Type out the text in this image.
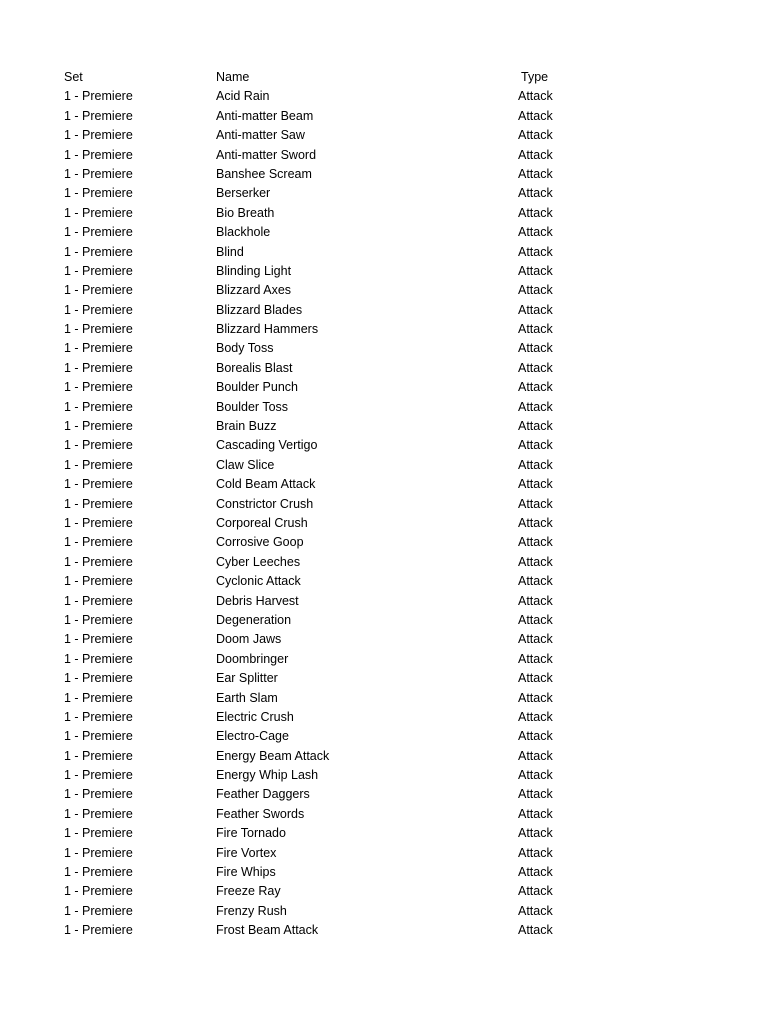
Set	Name	Type
1 - Premiere	Acid Rain	Attack
1 - Premiere	Anti-matter Beam	Attack
1 - Premiere	Anti-matter Saw	Attack
1 - Premiere	Anti-matter Sword	Attack
1 - Premiere	Banshee Scream	Attack
1 - Premiere	Berserker	Attack
1 - Premiere	Bio Breath	Attack
1 - Premiere	Blackhole	Attack
1 - Premiere	Blind	Attack
1 - Premiere	Blinding Light	Attack
1 - Premiere	Blizzard Axes	Attack
1 - Premiere	Blizzard Blades	Attack
1 - Premiere	Blizzard Hammers	Attack
1 - Premiere	Body Toss	Attack
1 - Premiere	Borealis Blast	Attack
1 - Premiere	Boulder Punch	Attack
1 - Premiere	Boulder Toss	Attack
1 - Premiere	Brain Buzz	Attack
1 - Premiere	Cascading Vertigo	Attack
1 - Premiere	Claw Slice	Attack
1 - Premiere	Cold Beam Attack	Attack
1 - Premiere	Constrictor Crush	Attack
1 - Premiere	Corporeal Crush	Attack
1 - Premiere	Corrosive Goop	Attack
1 - Premiere	Cyber Leeches	Attack
1 - Premiere	Cyclonic Attack	Attack
1 - Premiere	Debris Harvest	Attack
1 - Premiere	Degeneration	Attack
1 - Premiere	Doom Jaws	Attack
1 - Premiere	Doombringer	Attack
1 - Premiere	Ear Splitter	Attack
1 - Premiere	Earth Slam	Attack
1 - Premiere	Electric Crush	Attack
1 - Premiere	Electro-Cage	Attack
1 - Premiere	Energy Beam Attack	Attack
1 - Premiere	Energy Whip Lash	Attack
1 - Premiere	Feather Daggers	Attack
1 - Premiere	Feather Swords	Attack
1 - Premiere	Fire Tornado	Attack
1 - Premiere	Fire Vortex	Attack
1 - Premiere	Fire Whips	Attack
1 - Premiere	Freeze Ray	Attack
1 - Premiere	Frenzy Rush	Attack
1 - Premiere	Frost Beam Attack	Attack
